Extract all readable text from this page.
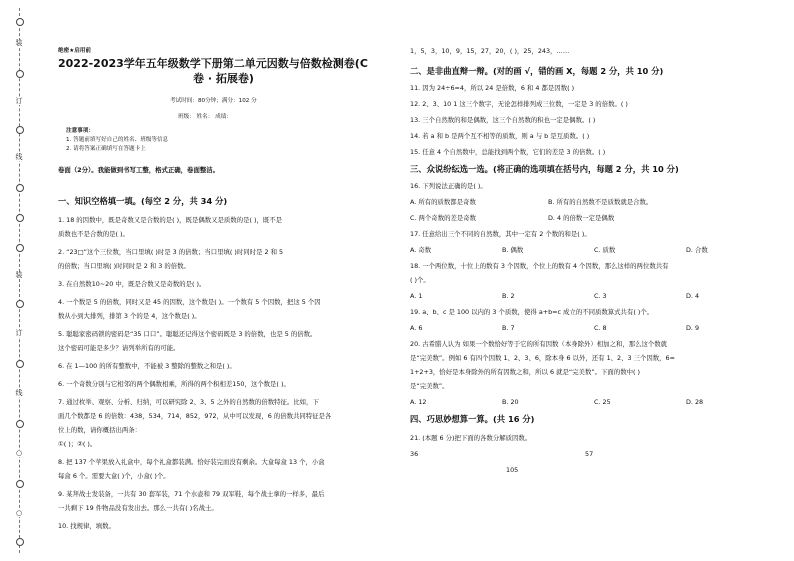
装
订
线
装
订
线
○
○
绝密★启用前
2022-2023学年五年级数学下册第二单元因数与倍数检测卷(C
卷 · 拓展卷)
考试时间：80分钟；满分：102 分
班级： 姓名： 成绩：
注意事项：
1. 答题前填写好自己的姓名、班级等信息
2. 请将答案正确填写在答题卡上
卷面（2分）。我能做到书写工整，格式正确，卷面整洁。
一、知识空格填一填。(每空 2 分，共 34 分)
1. 18 的因数中，既是奇数又是合数的是( )，既是偶数又是质数的是( )，既不是
质数也不是合数的是( )。
2. “23□”这个三位数，当口里填( )时是 3 的倍数；当口里填( )时同时是 2 和 5
的倍数；当口里填( )时同时是 2 和 3 的倍数。
3. 在自然数10~20 中，既是合数又是奇数的是( )。
4. 一个数是 5 的倍数，同时又是 45 的因数，这个数是( )。一个数有 5 个因数，把这 5 个因
数从小到大排列，排第 3 个的是 4，这个数是( )。
5. 聪聪家密码锁的密码是“35 口口”。聪聪还记得这个密码既是 3 的倍数，也是 5 的倍数。
这个密码可能是多少？请列举所有的可能。
6. 在 1—100 的所有整数中，不能被 3 整除的整数之和是( )。
6. 一个奇数分别与它相邻的两个偶数相乘，所得的两个积相差150，这个数是( )。
7. 通过枚举、观察、分析、归纳，可以研究除 2、3、5 之外的自然数的倍数特征。比如，下
面几个数都是 6 的倍数：438，534，714，852，972，从中可以发现，6 的倍数共同特征是各
位上的数，请你概括出两条：
①( )；②( )。
8. 把 137 个苹果放入礼盒中，每个礼盒都装满。恰好装完而没有剩余。大盒每盒 13 个，小盒
每盒 6 个。需要大盒( )个，小盒( )个。
9. 某拜战士发装备，一共有 30 套军装，71 个水壶和 79 双军鞋，每个战士拿的一样多，最后
一共剩下 19 件物品没有发出去。那么一共有( )名战士。
10. 找规律，填数。
1，5，3，10，9，15，27，20，( )，25，243，……
二、是非曲直辩一辩。(对的画 √，错的画 X，每题 2 分，共 10 分)
11. 因为 24÷6=4，所以 24 是倍数，6 和 4 都是因数( )
12. 2、3、10 1 这三个数字，无论怎样排列成三位数，一定是 3 的倍数。( )
13. 三个自然数的和是偶数，这三个自然数的积也一定是偶数。( )
14. 若 a 和 b 是两个互不相等的质数，则 a 与 b 是互质数。( )
15. 任意 4 个自然数中，总能找到两个数，它们的差是 3 的倍数。( )
三、众说纷纭选一选。(将正确的选项填在括号内，每题 2 分，共 10 分)
16. 下列说法正确的是( )。
A. 所有的质数都是奇数	B. 所有的自然数不是质数就是合数。
C. 两个奇数的差是奇数	D. 4 的倍数一定是偶数
17. 任意给出三个不同的自然数，其中一定有 2 个数的和是( )。
A. 奇数	B. 偶数	C. 质数	D. 合数
18. 一个两位数，十位上的数有 3 个因数，个位上的数有 4 个因数，那么这样的两位数共有
( )个。
A. 1	B. 2	C. 3	D. 4
19. a、b、c 是 100 以内的 3 个质数，使得 a+b=c 成立的不同质数算式共有( )个。
A. 6	B. 7	C. 8	D. 9
20. 古希腊人认为 如果一个数恰好等于它的所有因数（本身除外）相加之和，那么这个数就
是“完美数”。例如 6 有四个因数 1、2、3、6，除本身 6 以外，还有 1、2、3 三个因数，6=
1+2+3，恰好是本身除外的所有因数之和，所以 6 就是“完美数”。下面的数中( )
是“完美数”。
A. 12	B. 20	C. 25	D. 28
四、巧思妙想算一算。(共 16 分)
21. (本题 6 分)把下面的各数分解质因数。
36	57
105
